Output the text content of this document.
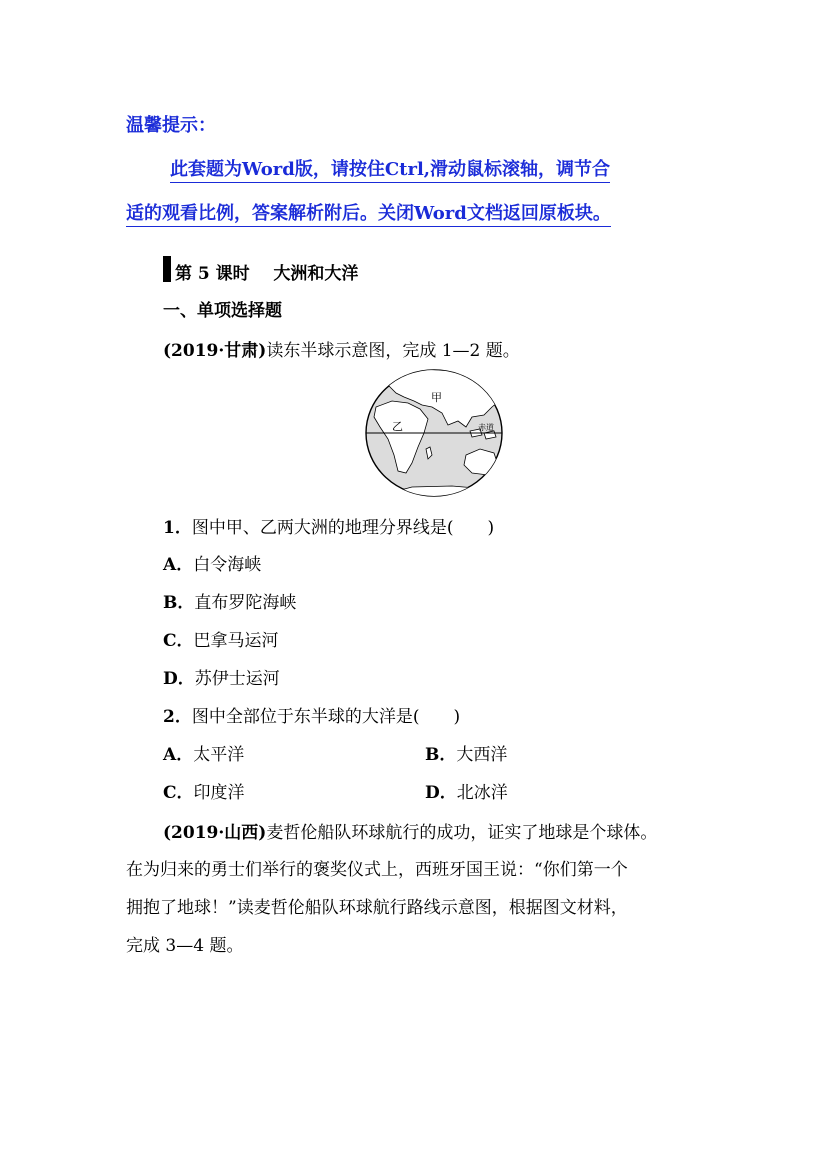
温馨提示：
此套题为Word版，请按住Ctrl,滑动鼠标滚轴，调节合
适的观看比例，答案解析附后。关闭Word文档返回原板块。
第 5 课时    大洲和大洋
一、单项选择题
(2019·甘肃)读东半球示意图，完成 1—2 题。
甲
乙	赤道
1．图中甲、乙两大洲的地理分界线是(　　)
A．白令海峡
B．直布罗陀海峡
C．巴拿马运河
D．苏伊士运河
2．图中全部位于东半球的大洋是(　　)
A．太平洋	B．大西洋
C．印度洋	D．北冰洋
(2019·山西)麦哲伦船队环球航行的成功，证实了地球是个球体。
在为归来的勇士们举行的褒奖仪式上，西班牙国王说：“你们第一个
拥抱了地球！”读麦哲伦船队环球航行路线示意图，根据图文材料，
完成 3—4 题。
